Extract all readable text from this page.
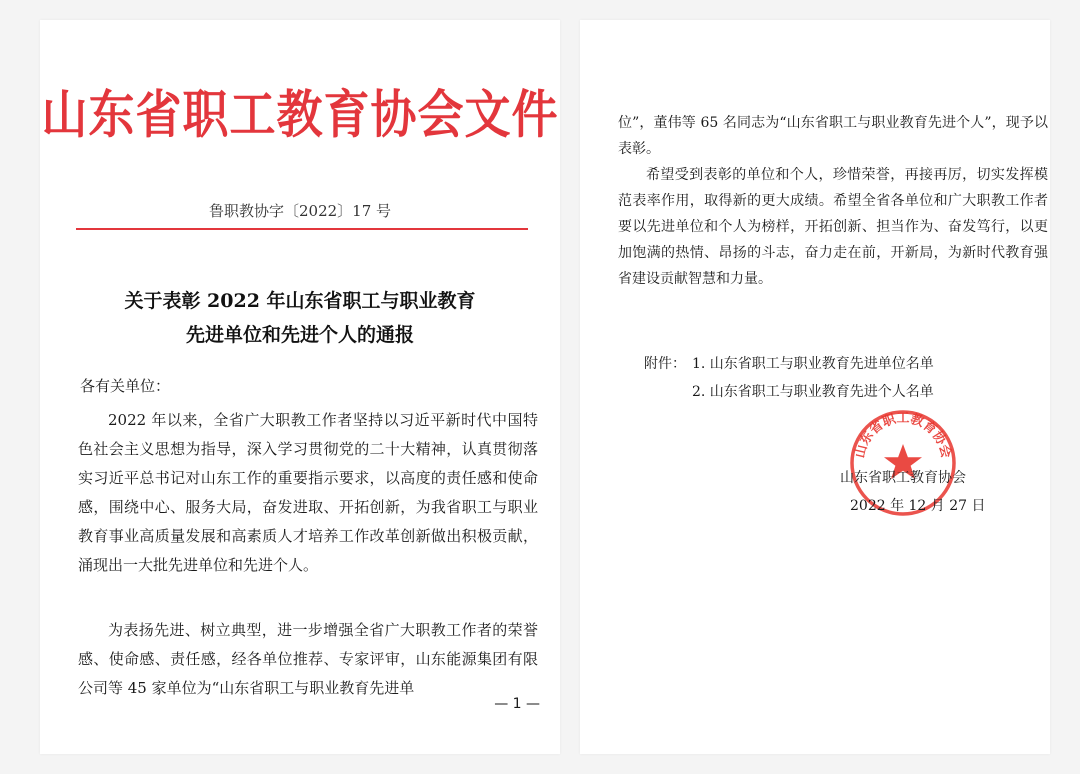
山东省职工教育协会文件
鲁职教协字〔2022〕17 号
关于表彰 2022 年山东省职工与职业教育
先进单位和先进个人的通报
各有关单位：

2022 年以来，全省广大职教工作者坚持以习近平新时代中国特色社会主义思想为指导，深入学习贯彻党的二十大精神，认真贯彻落实习近平总书记对山东工作的重要指示要求，以高度的责任感和使命感，围绕中心、服务大局，奋发进取、开拓创新，为我省职工与职业教育事业高质量发展和高素质人才培养工作改革创新做出积极贡献，涌现出一大批先进单位和先进个人。

为表扬先进、树立典型，进一步增强全省广大职教工作者的荣誉感、使命感、责任感，经各单位推荐、专家评审，山东能源集团有限公司等 45 家单位为“山东省职工与职业教育先进单

— 1 —

位”，董伟等 65 名同志为“山东省职工与职业教育先进个人”，现予以表彰。

希望受到表彰的单位和个人，珍惜荣誉，再接再厉，切实发挥模范表率作用，取得新的更大成绩。希望全省各单位和广大职教工作者要以先进单位和个人为榜样，开拓创新、担当作为、奋发笃行，以更加饱满的热情、昂扬的斗志，奋力走在前，开新局，为新时代教育强省建设贡献智慧和力量。

附件： 1. 山东省职工与职业教育先进单位名单
2. 山东省职工与职业教育先进个人名单
山东省职工教育协会
山东省职工教育协会
2022 年 12 月 27 日
